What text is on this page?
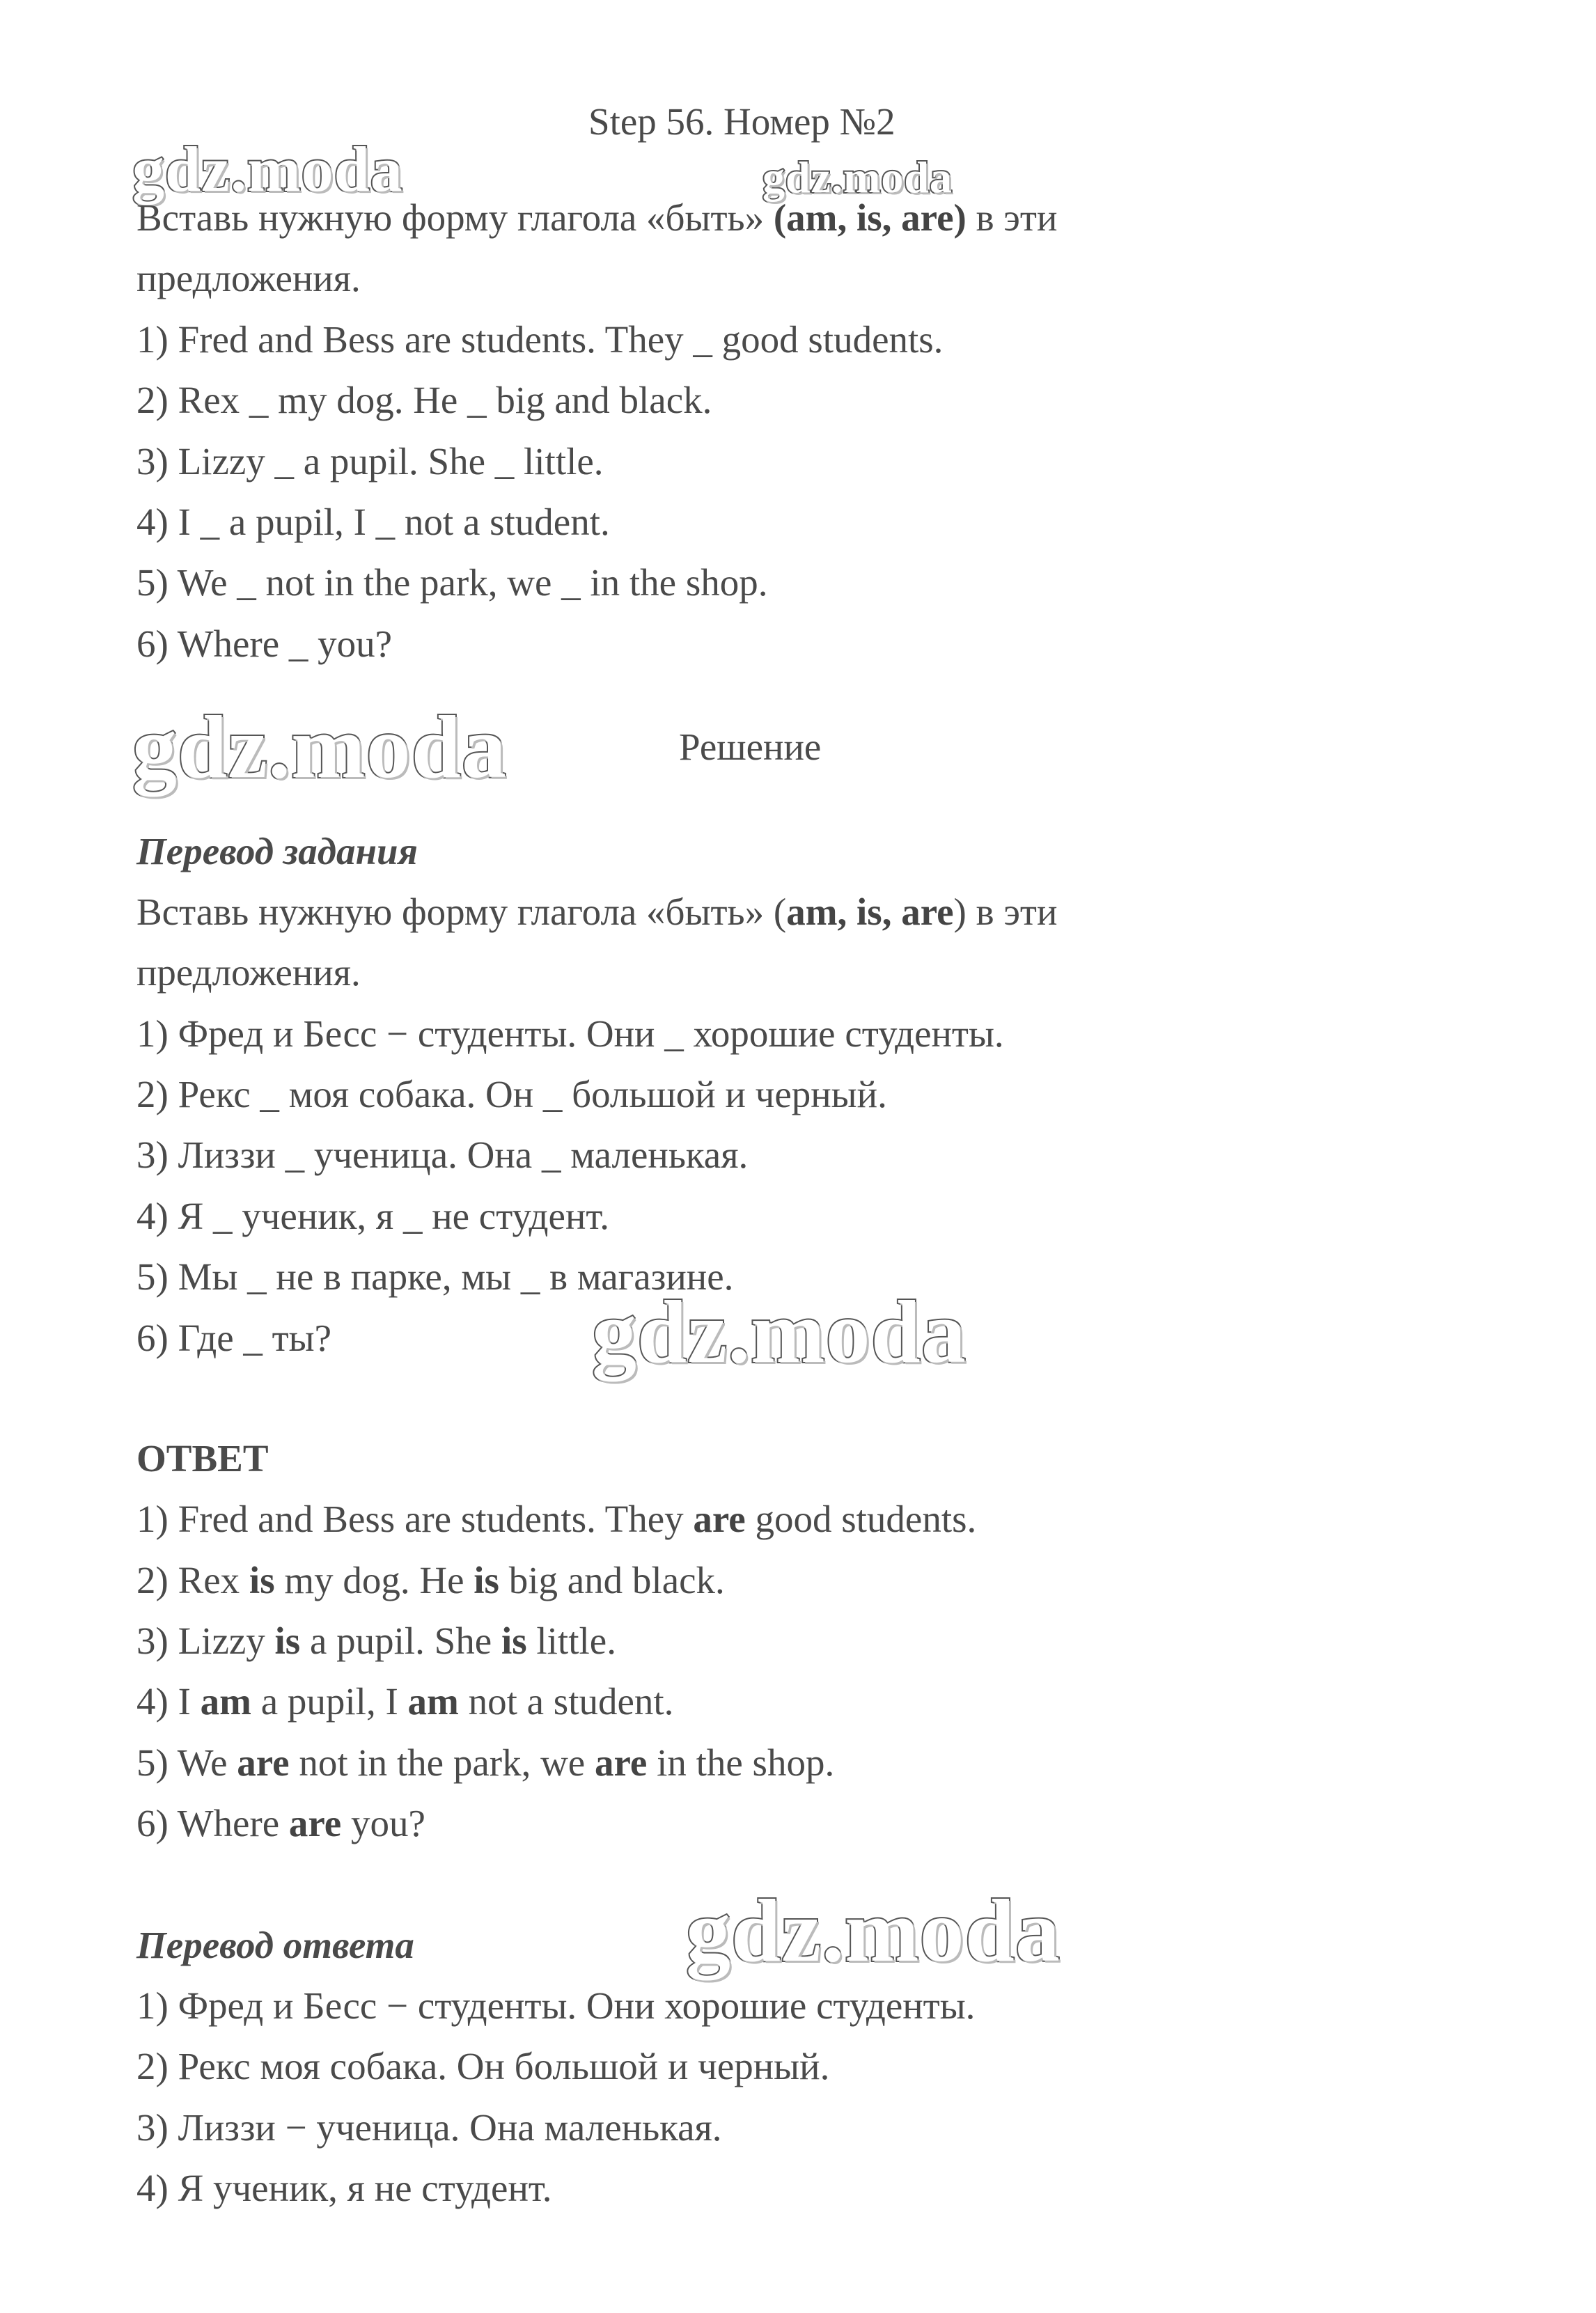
Step 56. Номер №2
gdz.moda	gdz.moda
Вставь нужную форму глагола «быть» (am, is, are) в эти
предложения.
1) Fred and Bess are students. They _ good students.
2) Rex _ my dog. He _ big and black.
3) Lizzy _ a pupil. She _ little.
4) I _ a pupil, I _ not a student.
5) We _ not in the park, we _ in the shop.
6) Where _ you?
gdz.moda	Решение
Перевод задания
Вставь нужную форму глагола «быть» (am, is, are) в эти
предложения.
1) Фред и Бесс − студенты. Они _ хорошие студенты.
2) Рекс _ моя собака. Он _ большой и черный.
3) Лиззи _ ученица. Она _ маленькая.
4) Я _ ученик, я _ не студент.
5) Мы _ не в парке, мы _ в магазине.
6) Где _ ты?	gdz.moda
ОТВЕТ
1) Fred and Bess are students. They are good students.
2) Rex is my dog. He is big and black.
3) Lizzy is a pupil. She is little.
4) I am a pupil, I am not a student.
5) We are not in the park, we are in the shop.
6) Where are you?
gdz.moda
Перевод ответа
1) Фред и Бесс − студенты. Они хорошие студенты.
2) Рекс моя собака. Он большой и черный.
3) Лиззи − ученица. Она маленькая.
4) Я ученик, я не студент.
